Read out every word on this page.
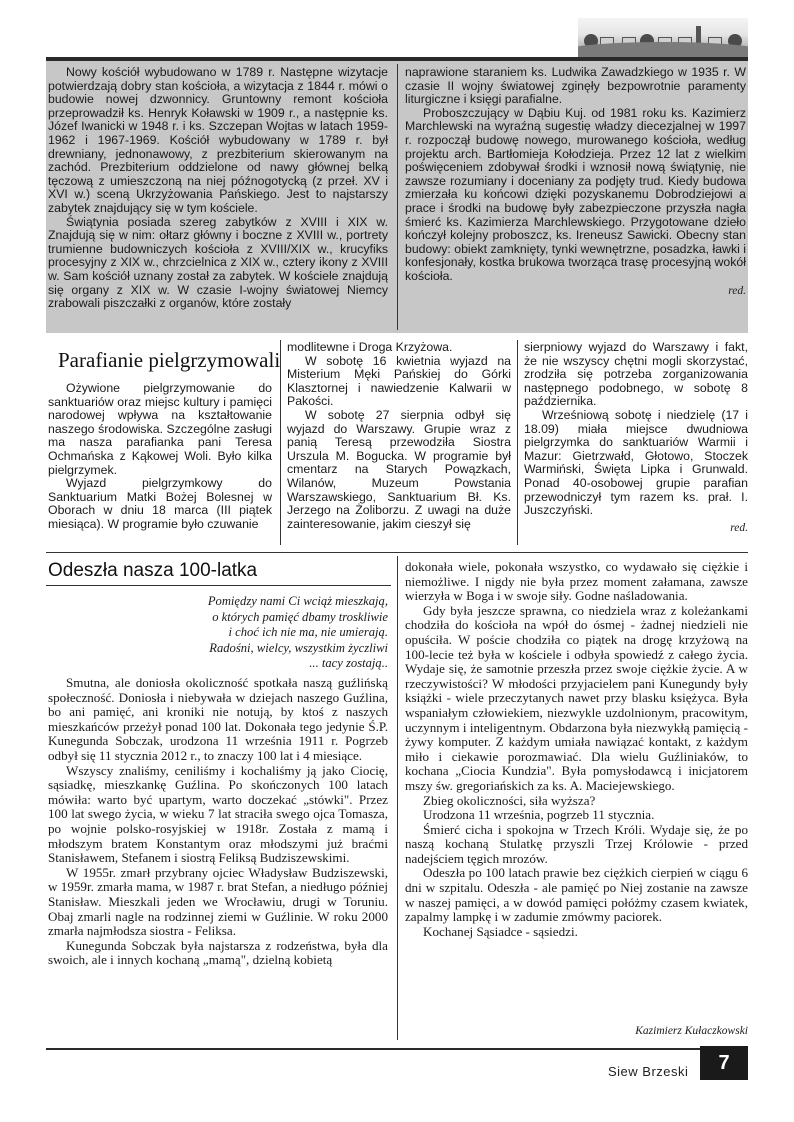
Nowy kościół wybudowano w 1789 r. Następne wizytacje potwierdzają dobry stan kościoła, a wizytacja z 1844 r. mówi o budowie nowej dzwonnicy. Gruntowny remont kościoła przeprowadził ks. Henryk Koławski w 1909 r., a następnie ks. Józef Iwanicki w 1948 r. i ks. Szczepan Wojtas w latach 1959-1962 i 1967-1969. Kościół wybudowany w 1789 r. był drewniany, jednonawowy, z prezbiterium skierowanym na zachód. Prezbiterium oddzielone od nawy głównej belką tęczową z umieszczoną na niej późnogotycką (z przeł. XV i XVI w.) sceną Ukrzyżowania Pańskiego. Jest to najstarszy zabytek znajdujący się w tym kościele.

Świątynia posiada szereg zabytków z XVIII i XIX w. Znajdują się w nim: ołtarz główny i boczne z XVIII w., portrety trumienne budowniczych kościoła z XVIII/XIX w., krucyfiks procesyjny z XIX w., chrzcielnica z XIX w., cztery ikony z XVIII w. Sam kościół uznany został za zabytek. W kościele znajdują się organy z XIX w. W czasie I-wojny światowej Niemcy zrabowali piszczałki z organów, które zostały

naprawione staraniem ks. Ludwika Zawadzkiego w 1935 r. W czasie II wojny światowej zginęły bezpowrotnie paramenty liturgiczne i księgi parafialne.

Proboszczujący w Dąbiu Kuj. od 1981 roku ks. Kazimierz Marchlewski na wyraźną sugestię władzy diecezjalnej w 1997 r. rozpoczął budowę nowego, murowanego kościoła, według projektu arch. Bartłomieja Kołodzieja. Przez 12 lat z wielkim poświęceniem zdobywał środki i wznosił nową świątynię, nie zawsze rozumiany i doceniany za podjęty trud. Kiedy budowa zmierzała ku końcowi dzięki pozyskanemu Dobrodziejowi a prace i środki na budowę były zabezpieczone przyszła nagła śmierć ks. Kazimierza Marchlewskiego. Przygotowane dzieło kończył kolejny proboszcz, ks. Ireneusz Sawicki. Obecny stan budowy: obiekt zamknięty, tynki wewnętrzne, posadzka, ławki i konfesjonały, kostka brukowa tworząca trasę procesyjną wokół kościoła.

red.

Parafianie pielgrzymowali

Ożywione pielgrzymowanie do sanktuariów oraz miejsc kultury i pamięci narodowej wpływa na kształtowanie naszego środowiska. Szczególne zasługi ma nasza parafianka pani Teresa Ochmańska z Kąkowej Woli. Było kilka pielgrzymek.

Wyjazd pielgrzymkowy do Sanktuarium Matki Bożej Bolesnej w Oborach w dniu 18 marca (III piątek miesiąca). W programie było czuwanie

modlitewne i Droga Krzyżowa.

W sobotę 16 kwietnia wyjazd na Misterium Męki Pańskiej do Górki Klasztornej i nawiedzenie Kalwarii w Pakości.

W sobotę 27 sierpnia odbył się wyjazd do Warszawy. Grupie wraz z panią Teresą przewodziła Siostra Urszula M. Bogucka. W programie był cmentarz na Starych Powązkach, Wilanów, Muzeum Powstania Warszawskiego, Sanktuarium Bł. Ks. Jerzego na Żoliborzu. Z uwagi na duże zainteresowanie, jakim cieszył się

sierpniowy wyjazd do Warszawy i fakt, że nie wszyscy chętni mogli skorzystać, zrodziła się potrzeba zorganizowania następnego podobnego, w sobotę 8 października.

Wrześniową sobotę i niedzielę (17 i 18.09) miała miejsce dwudniowa pielgrzymka do sanktuariów Warmii i Mazur: Gietrzwałd, Głotowo, Stoczek Warmiński, Święta Lipka i Grunwald. Ponad 40-osobowej grupie parafian przewodniczył tym razem ks. prał. I. Juszczyński.

red.

Odeszła nasza 100-latka
Pomiędzy nami Ci wciąż mieszkają,
o których pamięć dbamy troskliwie
i choć ich nie ma, nie umierają.
Radośni, wielcy, wszystkim życzliwi
... tacy zostają..

Smutna, ale doniosła okoliczność spotkała naszą guźlińską społeczność. Doniosła i niebywała w dziejach naszego Guźlina, bo ani pamięć, ani kroniki nie notują, by ktoś z naszych mieszkańców przeżył ponad 100 lat. Dokonała tego jedynie Ś.P. Kunegunda Sobczak, urodzona 11 września 1911 r. Pogrzeb odbył się 11 stycznia 2012 r., to znaczy 100 lat i 4 miesiące.

Wszyscy znaliśmy, ceniliśmy i kochaliśmy ją jako Ciocię, sąsiadkę, mieszkankę Guźlina. Po skończonych 100 latach mówiła: warto być upartym, warto doczekać „stówki". Przez 100 lat swego życia, w wieku 7 lat straciła swego ojca Tomasza, po wojnie polsko-rosyjskiej w 1918r. Została z mamą i młodszym bratem Konstantym oraz młodszymi już braćmi Stanisławem, Stefanem i siostrą Feliksą Budziszewskimi.

W 1955r. zmarł przybrany ojciec Władysław Budziszewski, w 1959r. zmarła mama, w 1987 r. brat Stefan, a niedługo później Stanisław. Mieszkali jeden we Wrocławiu, drugi w Toruniu. Obaj zmarli nagle na rodzinnej ziemi w Guźlinie. W roku 2000 zmarła najmłodsza siostra - Feliksa.

Kunegunda Sobczak była najstarsza z rodzeństwa, była dla swoich, ale i innych kochaną „mamą", dzielną kobietą

dokonała wiele, pokonała wszystko, co wydawało się ciężkie i niemożliwe. I nigdy nie była przez moment załamana, zawsze wierzyła w Boga i w swoje siły. Godne naśladowania.

Gdy była jeszcze sprawna, co niedziela wraz z koleżankami chodziła do kościoła na wpół do ósmej - żadnej niedzieli nie opuściła. W poście chodziła co piątek na drogę krzyżową na 100-lecie też była w kościele i odbyła spowiedź z całego życia. Wydaje się, że samotnie przeszła przez swoje ciężkie życie. A w rzeczywistości? W młodości przyjacielem pani Kunegundy były książki - wiele przeczytanych nawet przy blasku księżyca. Była wspaniałym człowiekiem, niezwykle uzdolnionym, pracowitym, uczynnym i inteligentnym. Obdarzona była niezwykłą pamięcią - żywy komputer. Z każdym umiała nawiązać kontakt, z każdym miło i ciekawie porozmawiać. Dla wielu Guźliniaków, to kochana „Ciocia Kundzia". Była pomysłodawcą i inicjatorem mszy św. gregoriańskich za ks. A. Maciejewskiego.

Zbieg okoliczności, siła wyższa?

Urodzona 11 września, pogrzeb 11 stycznia.

Śmierć cicha i spokojna w Trzech Króli. Wydaje się, że po naszą kochaną Stulatkę przyszli Trzej Królowie - przed nadejściem tęgich mrozów.

Odeszła po 100 latach prawie bez ciężkich cierpień w ciągu 6 dni w szpitalu. Odeszła - ale pamięć po Niej zostanie na zawsze w naszej pamięci, a w dowód pamięci połóżmy czasem kwiatek, zapalmy lampkę i w zadumie zmówmy paciorek.

Kochanej Sąsiadce - sąsiedzi.

Kazimierz Kułaczkowski
Siew Brzeski	7
